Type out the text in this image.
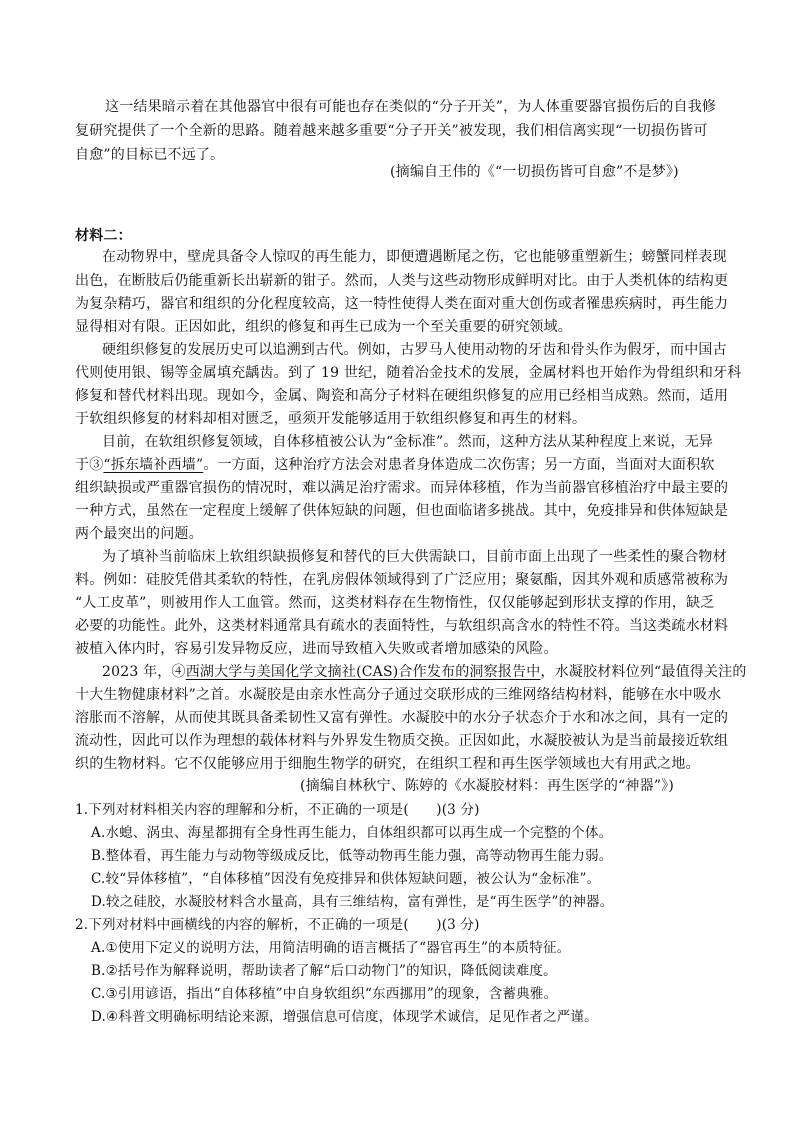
这一结果暗示着在其他器官中很有可能也存在类似的“分子开关”，为人体重要器官损伤后的自我修
复研究提供了一个全新的思路。随着越来越多重要“分子开关”被发现，我们相信离实现“一切损伤皆可
自愈”的目标已不远了。
(摘编自王伟的《“一切损伤皆可自愈”不是梦》)
材料二：
在动物界中，壁虎具备令人惊叹的再生能力，即便遭遇断尾之伤，它也能够重塑新生；螃蟹同样表现
出色，在断肢后仍能重新长出崭新的钳子。然而，人类与这些动物形成鲜明对比。由于人类机体的结构更
为复杂精巧，器官和组织的分化程度较高，这一特性使得人类在面对重大创伤或者罹患疾病时，再生能力
显得相对有限。正因如此，组织的修复和再生已成为一个至关重要的研究领域。
硬组织修复的发展历史可以追溯到古代。例如，古罗马人使用动物的牙齿和骨头作为假牙，而中国古
代则使用银、锡等金属填充龋齿。到了 19 世纪，随着冶金技术的发展，金属材料也开始作为骨组织和牙科
修复和替代材料出现。现如今，金属、陶瓷和高分子材料在硬组织修复的应用已经相当成熟。然而，适用
于软组织修复的材料却相对匮乏，亟须开发能够适用于软组织修复和再生的材料。
目前，在软组织修复领域，自体移植被公认为“金标准”。然而，这种方法从某种程度上来说，无异
于③“拆东墙补西墙”。一方面，这种治疗方法会对患者身体造成二次伤害；另一方面，当面对大面积软
组织缺损或严重器官损伤的情况时，难以满足治疗需求。而异体移植，作为当前器官移植治疗中最主要的
一种方式，虽然在一定程度上缓解了供体短缺的问题，但也面临诸多挑战。其中，免疫排异和供体短缺是
两个最突出的问题。
为了填补当前临床上软组织缺损修复和替代的巨大供需缺口，目前市面上出现了一些柔性的聚合物材
料。例如：硅胶凭借其柔软的特性，在乳房假体领域得到了广泛应用；聚氨酯，因其外观和质感常被称为
“人工皮革”，则被用作人工血管。然而，这类材料存在生物惰性，仅仅能够起到形状支撑的作用，缺乏
必要的功能性。此外，这类材料通常具有疏水的表面特性，与软组织高含水的特性不符。当这类疏水材料
被植入体内时，容易引发异物反应，进而导致植入失败或者增加感染的风险。
2023 年，④西湖大学与美国化学文摘社(CAS)合作发布的洞察报告中，水凝胶材料位列“最值得关注的
十大生物健康材料”之首。水凝胶是由亲水性高分子通过交联形成的三维网络结构材料，能够在水中吸水
溶胀而不溶解，从而使其既具备柔韧性又富有弹性。水凝胶中的水分子状态介于水和冰之间，具有一定的
流动性，因此可以作为理想的载体材料与外界发生物质交换。正因如此，水凝胶被认为是当前最接近软组
织的生物材料。它不仅能够应用于细胞生物学的研究，在组织工程和再生医学领域也大有用武之地。
(摘编自林秋宁、陈婷的《水凝胶材料：再生医学的“神器”》)
1.下列对材料相关内容的理解和分析，不正确的一项是(　　)(3 分)
A.水螅、涡虫、海星都拥有全身性再生能力，自体组织都可以再生成一个完整的个体。
B.整体看，再生能力与动物等级成反比，低等动物再生能力强，高等动物再生能力弱。
C.较“异体移植”，“自体移植”因没有免疫排异和供体短缺问题，被公认为“金标准”。
D.较之硅胶，水凝胶材料含水量高，具有三维结构，富有弹性，是“再生医学”的神器。
2.下列对材料中画横线的内容的解析，不正确的一项是(　　)(3 分)
A.①使用下定义的说明方法，用简洁明确的语言概括了“器官再生”的本质特征。
B.②括号作为解释说明，帮助读者了解“后口动物门”的知识，降低阅读难度。
C.③引用谚语，指出“自体移植”中自身软组织“东西挪用”的现象，含蓄典雅。
D.④科普文明确标明结论来源，增强信息可信度，体现学术诚信，足见作者之严谨。
